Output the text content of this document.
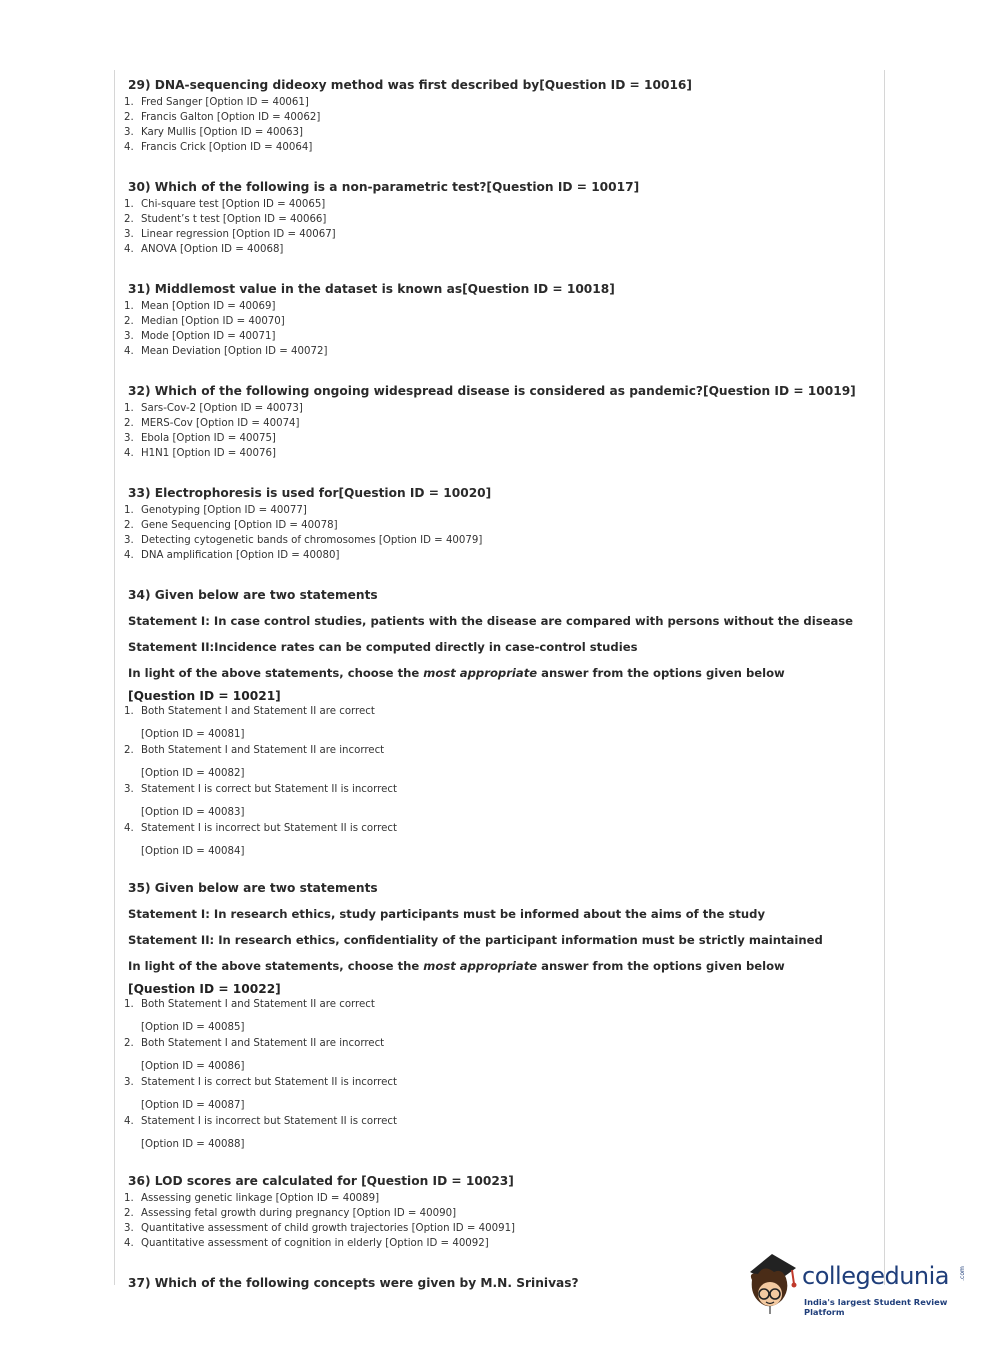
29) DNA-sequencing dideoxy method was first described by[Question ID = 10016]
1. Fred Sanger [Option ID = 40061]
2. Francis Galton [Option ID = 40062]
3. Kary Mullis [Option ID = 40063]
4. Francis Crick [Option ID = 40064]
30) Which of the following is a non-parametric test?[Question ID = 10017]
1. Chi-square test [Option ID = 40065]
2. Student’s t test [Option ID = 40066]
3. Linear regression [Option ID = 40067]
4. ANOVA [Option ID = 40068]
31) Middlemost value in the dataset is known as[Question ID = 10018]
1. Mean [Option ID = 40069]
2. Median [Option ID = 40070]
3. Mode [Option ID = 40071]
4. Mean Deviation [Option ID = 40072]
32) Which of the following ongoing widespread disease is considered as pandemic?[Question ID = 10019]
1. Sars-Cov-2 [Option ID = 40073]
2. MERS-Cov [Option ID = 40074]
3. Ebola [Option ID = 40075]
4. H1N1 [Option ID = 40076]
33) Electrophoresis is used for[Question ID = 10020]
1. Genotyping [Option ID = 40077]
2. Gene Sequencing [Option ID = 40078]
3. Detecting cytogenetic bands of chromosomes [Option ID = 40079]
4. DNA amplification [Option ID = 40080]
34) Given below are two statements
Statement I: In case control studies, patients with the disease are compared with persons without the disease
Statement II:Incidence rates can be computed directly in case-control studies
In light of the above statements, choose the most appropriate answer from the options given below
[Question ID = 10021]
1. Both Statement I and Statement II are correct
[Option ID = 40081]
2. Both Statement I and Statement II are incorrect
[Option ID = 40082]
3. Statement I is correct but Statement II is incorrect
[Option ID = 40083]
4. Statement I is incorrect but Statement II is correct
[Option ID = 40084]
35) Given below are two statements
Statement I: In research ethics, study participants must be informed about the aims of the study
Statement II: In research ethics, confidentiality of the participant information must be strictly maintained
In light of the above statements, choose the most appropriate answer from the options given below
[Question ID = 10022]
1. Both Statement I and Statement II are correct
[Option ID = 40085]
2. Both Statement I and Statement II are incorrect
[Option ID = 40086]
3. Statement I is correct but Statement II is incorrect
[Option ID = 40087]
4. Statement I is incorrect but Statement II is correct
[Option ID = 40088]
36) LOD scores are calculated for [Question ID = 10023]
1. Assessing genetic linkage [Option ID = 40089]
2. Assessing fetal growth during pregnancy [Option ID = 40090]
3. Quantitative assessment of child growth trajectories [Option ID = 40091]
4. Quantitative assessment of cognition in elderly [Option ID = 40092]
37) Which of the following concepts were given by M.N. Srinivas?	collegedunia .com
India's largest Student Review Platform
